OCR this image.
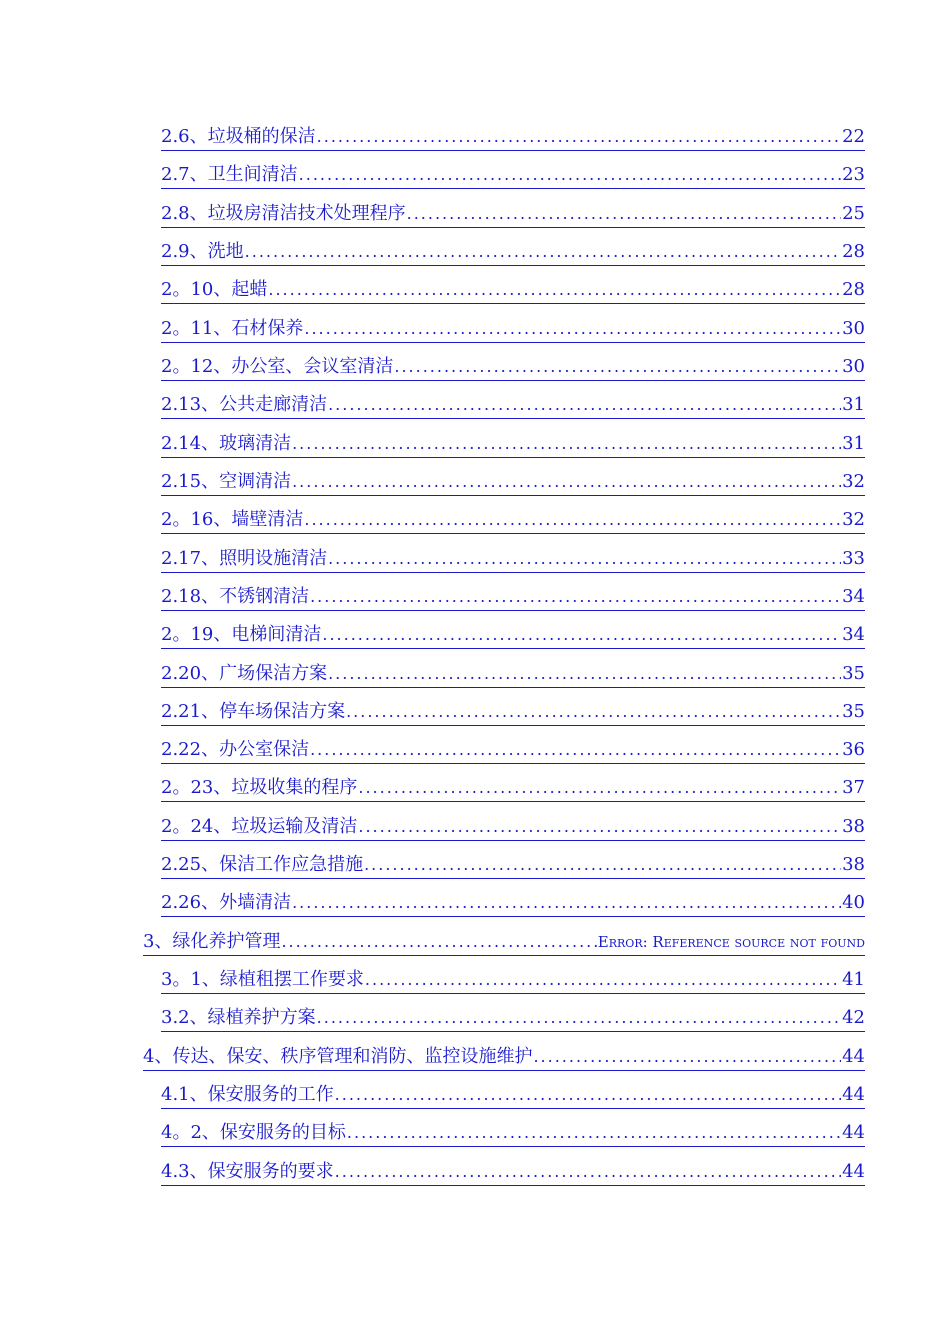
2.6、垃圾桶的保洁 .....	22
2.7、卫生间清洁 .....	23
2.8、垃圾房清洁技术处理程序 .....	25
2.9、洗地 .....	28
2。10、起蜡 .....	28
2。11、石材保养 .....	30
2。12、办公室、会议室清洁 .....	30
2.13、公共走廊清洁 .....	31
2.14、玻璃清洁 .....	31
2.15、空调清洁 .....	32
2。16、墙壁清洁 .....	32
2.17、照明设施清洁 .....	33
2.18、不锈钢清洁 .....	34
2。19、电梯间清洁 .....	34
2.20、广场保洁方案 .....	35
2.21、停车场保洁方案 .....	35
2.22、办公室保洁 .....	36
2。23、垃圾收集的程序 .....	37
2。24、垃圾运输及清洁 .....	38
2.25、保洁工作应急措施 .....	38
2.26、外墙清洁 .....	40
3、绿化养护管理 .....	Error: Reference source not found
3。1、绿植租摆工作要求 .....	41
3.2、绿植养护方案 .....	42
4、传达、保安、秩序管理和消防、监控设施维护 .....	44
4.1、保安服务的工作 .....	44
4。2、保安服务的目标 .....	44
4.3、保安服务的要求 .....	44
